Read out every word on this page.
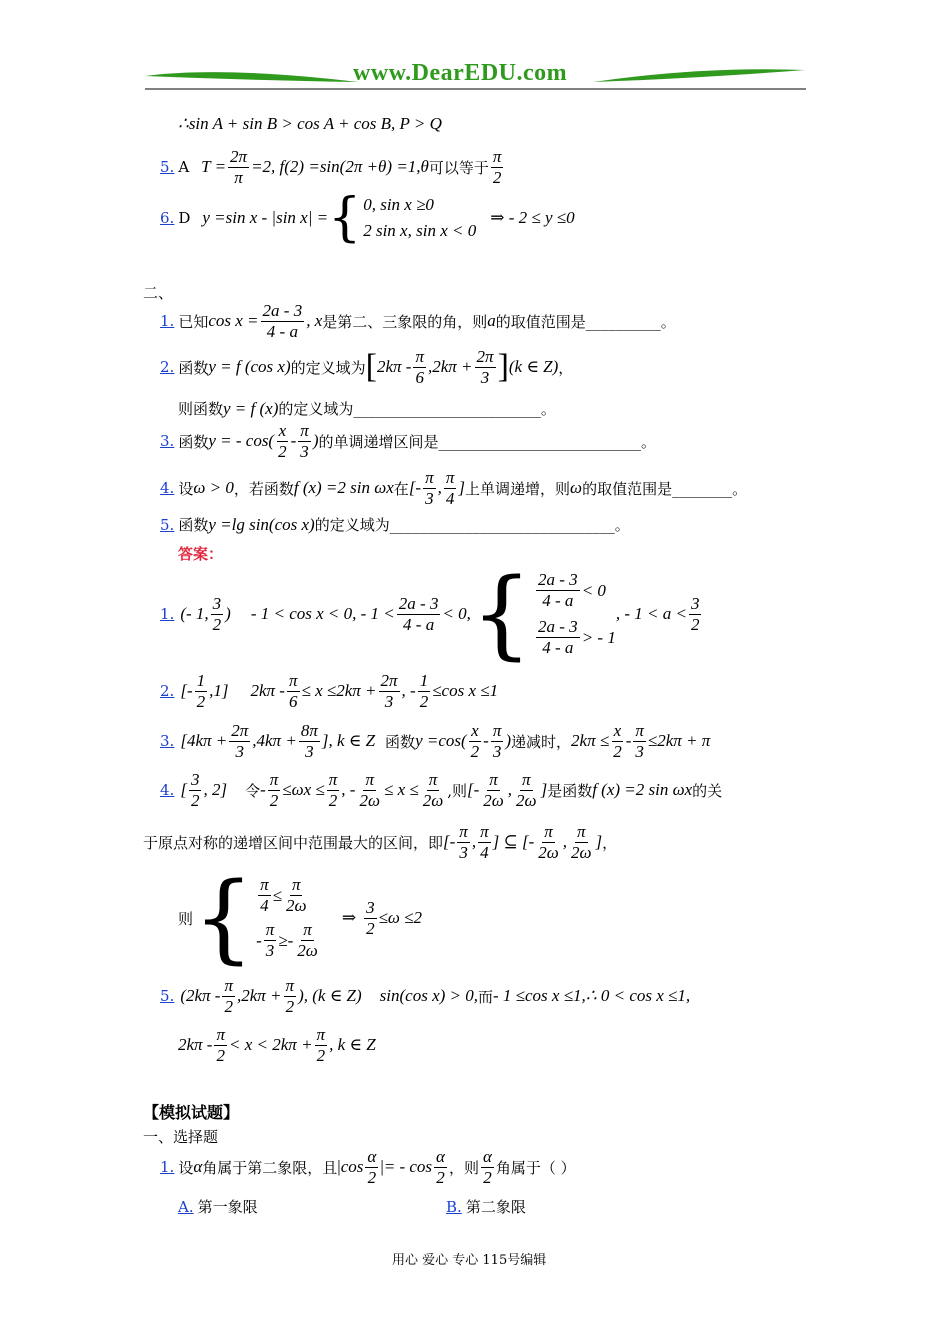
www.DearEDU.com
∴sin A + sin B > cos A + cos B, P > Q
5. A $T = \frac{2\pi}{\pi} =2$, f(2) =sin(2π +θ) =1,θ 可以等于 $\frac{\pi}{2}$
6. D y =sin x - |sin x| = { 0, sin x ≥0
2 sin x, sin x < 0
⇒ - 2 ≤ y ≤0
二、
1. 已知 $\cos x = \frac{2a - 3}{4 - a}$ , x 是第二、三象限的角，则 a 的取值范围是__________。
2. 函数 y = f (cos x) 的定义域为 [ $2k\pi - \frac{\pi}{6} ,2k\pi + \frac{2\pi}{3}$ ] (k ∈ Z) ，
则函数 y = f (x) 的定义域为_________________________。
3. 函数 y = - $\cos( \frac{x}{2} - \frac{\pi}{3}$ ) 的单调递增区间是___________________________。
4. 设 ω > 0 ，若函数 f (x) =2 sin ωx 在 [- $\frac{\pi}{3}$ , $\frac{\pi}{4}$ ] 上单调递增，则 ω 的取值范围是________。
5. 函数 y =lg sin(cos x) 的定义域为______________________________。
答案：
1. (- 1, $\frac{3}{2}$ ) - 1 < cos x < 0, - $1 < \frac{2a - 3}{4 - a} < 0$, { $\frac{2a - 3}{4 - a} < 0$
$\frac{2a - 3}{4 - a}$ > - 1
, - $1 < a < \frac{3}{2}$
2. [- $\frac{1}{2} ,1$] $2k\pi - \frac{\pi}{6} \le x \le 2k\pi + \frac{2\pi}{3}$ , - $\frac{1}{2} \le\cos$ x ≤1
3. [$4k\pi + \frac{2\pi}{3} ,4k\pi + \frac{8\pi}{3}$ ], k ∈ Z 函数 $y =\cos( \frac{x}{2} - \frac{\pi}{3}$ ) 递减时， $2k\pi \le \frac{x}{2} - \frac{\pi}{3} \le 2k\pi + \pi$
4. [ $\frac{3}{2}$ , 2] 令 - $\frac{\pi}{2} \le\omega x \le \frac{\pi}{2}$ , - $\frac{\pi}{2\omega} \le x \le \frac{\pi}{2\omega}$ ,则 [- $\frac{\pi}{2\omega}$ , $\frac{\pi}{2\omega}$ ] 是函数 f (x) =2 sin ωx 的关
于原点对称的递增区间中范围最大的区间，即 [- $\frac{\pi}{3}$ , $\frac{\pi}{4}$ ] ⊆ [- $\frac{\pi}{2\omega}$ , $\frac{\pi}{2\omega}$ ] ，
则 { $\frac{\pi}{4} \le \frac{\pi}{2\omega}$
- $\frac{\pi}{3} \ge- \frac{\pi}{2\omega}$
⇒ $\frac{3}{2} \le\omega \le 2$
5. ($2k\pi - \frac{\pi}{2} ,2k\pi + \frac{\pi}{2}$ ), (k ∈ Z) sin(cos x) > 0, 而 - 1 ≤cos x ≤1,∴ 0 < cos x ≤1,
$2k\pi - \frac{\pi}{2} < x < 2k\pi + \frac{\pi}{2}$ , k ∈ Z
【模拟试题】
一、选择题
1. 设 α 角属于第二象限，且 | $\cos \frac{\alpha}{2}$ | = - $\cos \frac{\alpha}{2}$ ，则 $\frac{\alpha}{2}$ 角属于（ ）
A. 第一象限	B. 第二象限
用心 爱心 专心 115号编辑
